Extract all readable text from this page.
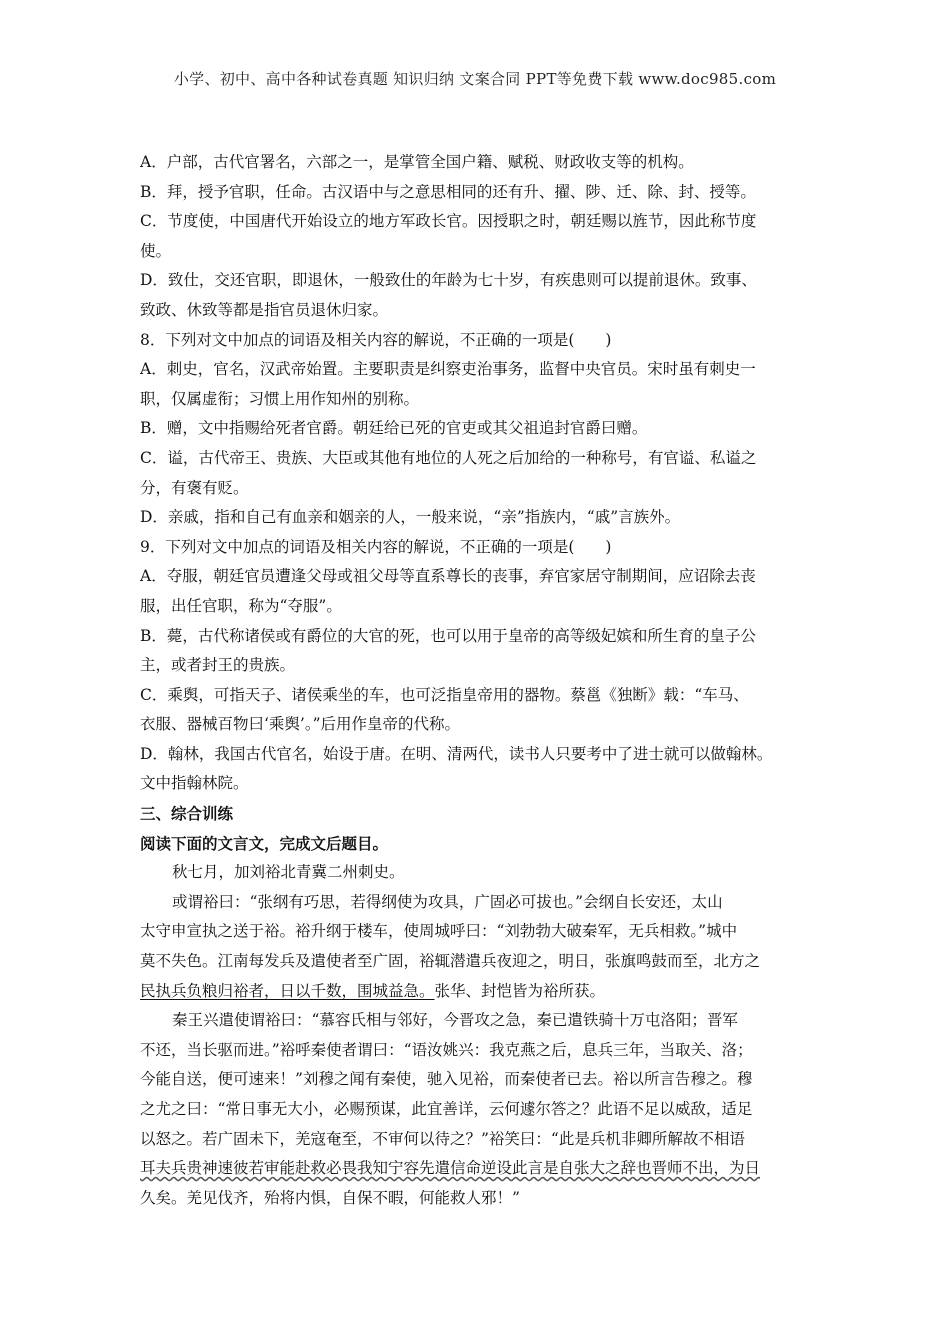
小学、初中、高中各种试卷真题 知识归纳 文案合同 PPT等免费下载 www.doc985.com
A．户部，古代官署名，六部之一，是掌管全国户籍、赋税、财政收支等的机构。
B．拜，授予官职，任命。古汉语中与之意思相同的还有升、擢、陟、迁、除、封、授等。
C．节度使，中国唐代开始设立的地方军政长官。因授职之时，朝廷赐以旌节，因此称节度
使。
D．致仕，交还官职，即退休，一般致仕的年龄为七十岁，有疾患则可以提前退休。致事、
致政、休致等都是指官员退休归家。
8．下列对文中加点的词语及相关内容的解说，不正确的一项是(　　)
A．刺史，官名，汉武帝始置。主要职责是纠察吏治事务，监督中央官员。宋时虽有刺史一
职，仅属虚衔；习惯上用作知州的别称。
B．赠，文中指赐给死者官爵。朝廷给已死的官吏或其父祖追封官爵曰赠。
C．谥，古代帝王、贵族、大臣或其他有地位的人死之后加给的一种称号，有官谥、私谥之
分，有褒有贬。
D．亲戚，指和自己有血亲和姻亲的人，一般来说，“亲”指族内，“戚”言族外。
9．下列对文中加点的词语及相关内容的解说，不正确的一项是(　　)
A．夺服，朝廷官员遭逢父母或祖父母等直系尊长的丧事，弃官家居守制期间，应诏除去丧
服，出任官职，称为“夺服”。
B．薨，古代称诸侯或有爵位的大官的死，也可以用于皇帝的高等级妃嫔和所生育的皇子公
主，或者封王的贵族。
C．乘舆，可指天子、诸侯乘坐的车，也可泛指皇帝用的器物。蔡邕《独断》载：“车马、
衣服、器械百物曰‘乘舆’。”后用作皇帝的代称。
D．翰林，我国古代官名，始设于唐。在明、清两代，读书人只要考中了进士就可以做翰林。
文中指翰林院。
三、综合训练
阅读下面的文言文，完成文后题目。
秋七月，加刘裕北青冀二州刺史。
或谓裕曰：“张纲有巧思，若得纲使为攻具，广固必可拔也。”会纲自长安还，太山
太守申宣执之送于裕。裕升纲于楼车，使周城呼曰：“刘勃勃大破秦军，无兵相救。”城中
莫不失色。江南每发兵及遣使者至广固，裕辄潜遣兵夜迎之，明日，张旗鸣鼓而至，北方之
民执兵负粮归裕者，日以千数，围城益急。张华、封恺皆为裕所获。
秦王兴遣使谓裕曰：“慕容氏相与邻好，今晋攻之急，秦已遣铁骑十万屯洛阳；晋军
不还，当长驱而进。”裕呼秦使者谓曰：“语汝姚兴：我克燕之后，息兵三年，当取关、洛；
今能自送，便可速来！”刘穆之闻有秦使，驰入见裕，而秦使者已去。裕以所言告穆之。穆
之尤之曰：“常日事无大小，必赐预谋，此宜善详，云何遽尔答之？此语不足以威敌，适足
以怒之。若广固未下，羌寇奄至，不审何以待之？”裕笑曰：“此是兵机非卿所解故不相语
耳夫兵贵神速彼若审能赴救必畏我知宁容先遣信命逆设此言是自张大之辞也晋师不出，为日
久矣。羌见伐齐，殆将内惧，自保不暇，何能救人邪！”
